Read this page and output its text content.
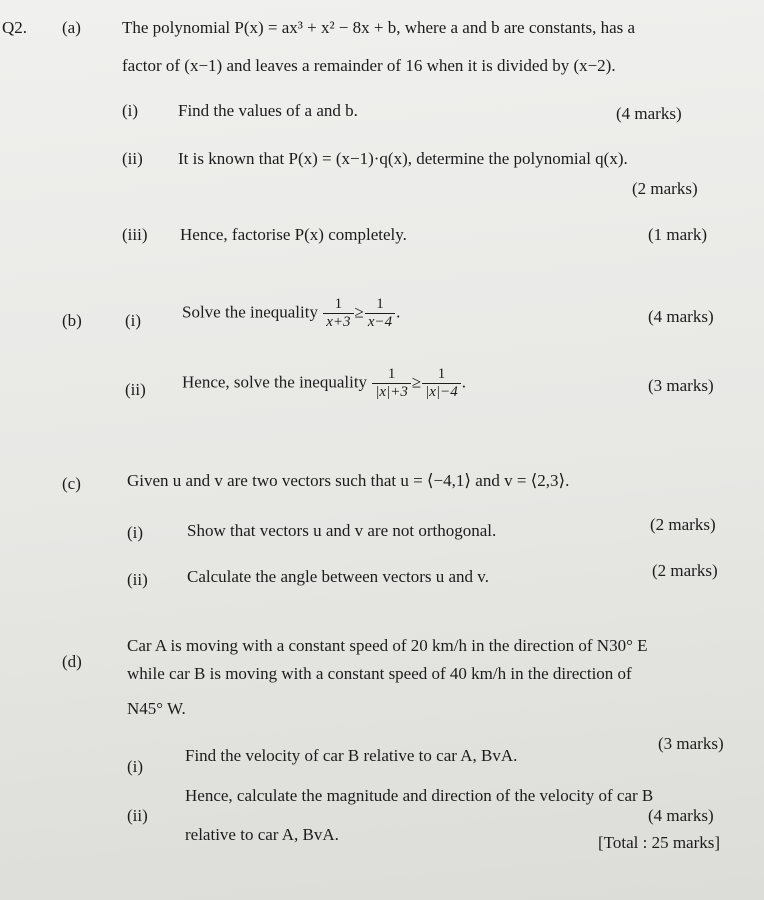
Q2. (a) The polynomial P(x) = ax³ + x² − 8x + b, where a and b are constants, has a
factor of (x−1) and leaves a remainder of 16 when it is divided by (x−2).
(i) Find the values of a and b.	(4 marks)
(ii) It is known that P(x) = (x−1)·q(x), determine the polynomial q(x).
(2 marks)
(iii) Hence, factorise P(x) completely.	(1 mark)
(b)	(i) Solve the inequality $\frac{1}{x+3} \ge \frac{1}{x-4}$ .	(4 marks)
(ii) Hence, solve the inequality $\frac{1}{|x|+3} \ge \frac{1}{|x|-4}$ .	(3 marks)
(c)	Given u and v are two vectors such that u = ⟨−4,1⟩ and v = ⟨2,3⟩.
(i)	Show that vectors u and v are not orthogonal.	(2 marks)
(ii) Calculate the angle between vectors u and v.	(2 marks)
(d)
Car A is moving with a constant speed of 20 km/h in the direction of N30° E
while car B is moving with a constant speed of 40 km/h in the direction of
N45° W.
(i)
Find the velocity of car B relative to car A, BvA.
(3 marks)
(ii)
Hence, calculate the magnitude and direction of the velocity of car B
relative to car A, BvA.
(4 marks)
[Total : 25 marks]
